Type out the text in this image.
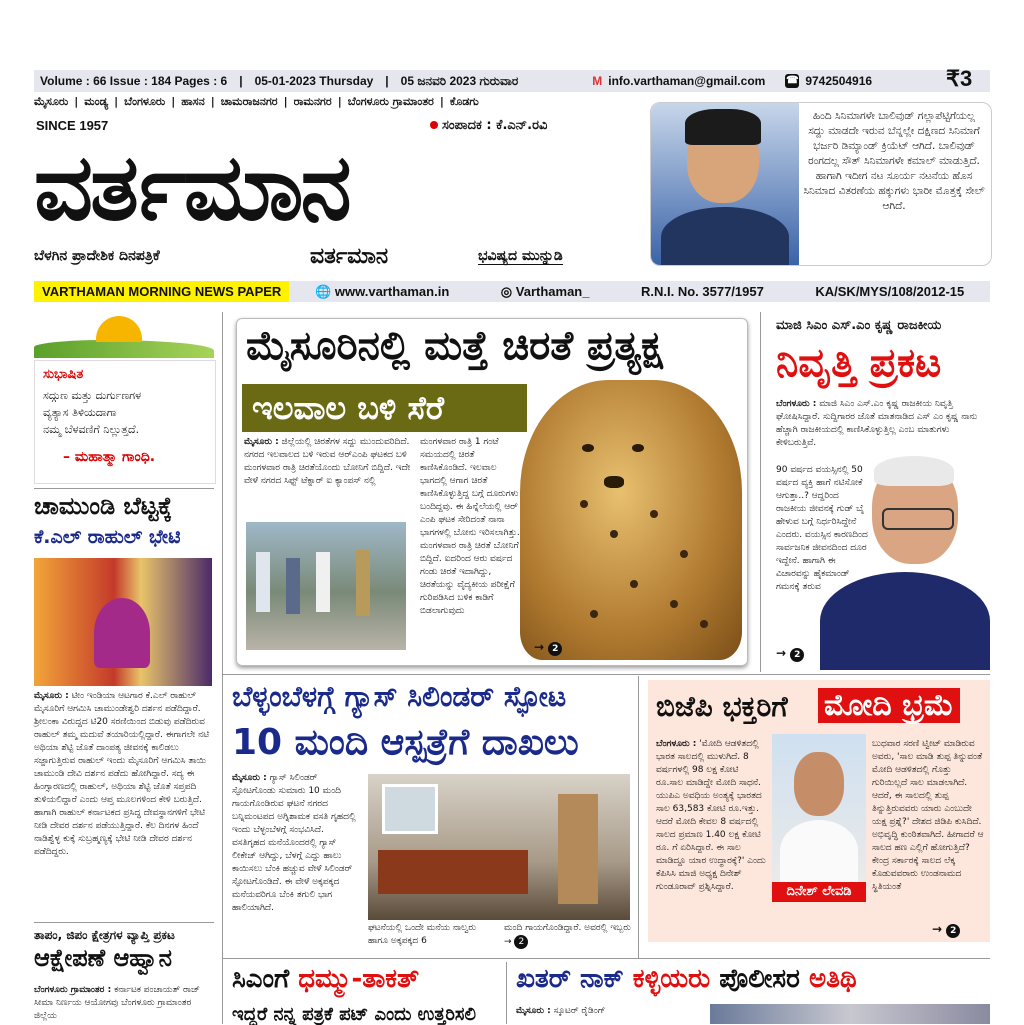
Volume : 66 Issue : 184 Pages : 6	|	05-01-2023 Thursday	|	05 ಜನವರಿ 2023 ಗುರುವಾರ	M info.varthaman@gmail.com	☎ 9742504916	₹3
ಮೈಸೂರು | ಮಂಡ್ಯ | ಬೆಂಗಳೂರು | ಹಾಸನ | ಚಾಮರಾಜನಗರ | ರಾಮನಗರ | ಬೆಂಗಳೂರು ಗ್ರಾಮಾಂತರ | ಕೊಡಗು
SINCE 1957	ಸಂಪಾದಕ : ಕೆ.ಎನ್.ರವಿ
ವರ್ತಮಾನ
ಬೆಳಗಿನ ಪ್ರಾದೇಶಿಕ ದಿನಪತ್ರಿಕೆ	ವರ್ತಮಾನ	ಭವಿಷ್ಯದ ಮುನ್ನುಡಿ
ಹಿಂದಿ ಸಿನಿಮಾಗಳೇ ಬಾಲಿವುಡ್ ಗಲ್ಲಾಪೆಟ್ಟಿಗೆಯಲ್ಲ ಸದ್ದು ಮಾಡದೇ ಇರುವ ಬೆನ್ನಲ್ಲೇ ದಕ್ಷಿಣದ ಸಿನಿಮಾಗೆ ಭರ್ಜರಿ ಡಿಮ್ಯಾಂಡ್ ಕ್ರಿಯೆಟ್ ಆಗಿದೆ. ಬಾಲಿವುಡ್ ರಂಗದಲ್ಲ ಸೌತ್ ಸಿನಿಮಾಗಳೇ ಕಮಾಲ್ ಮಾಡುತ್ತಿದೆ. ಹಾಗಾಗಿ ಇದೀಗ ನಟ ಸೂರ್ಯ ನಟನೆಯ ಹೊಸ ಸಿನಿಮಾದ ವಿತರಣೆಯ ಹಕ್ಕುಗಳು ಭಾರೀ ಮೊತ್ತಕ್ಕೆ ಸೇಲ್ ಆಗಿದೆ.
VARTHAMAN MORNING NEWS PAPER	🌐 www.varthaman.in	◎ Varthaman_	R.N.I. No. 3577/1957	KA/SK/MYS/108/2012-15
ಸುಭಾಷಿತ
ಸದ್ಗುಣ ಮತ್ತು ದುರ್ಗುಣಗಳ
ವ್ಯತ್ಯಾಸ ತಿಳಿಯದಾಗಾ
ನಮ್ಮ ಬೆಳವಣಿಗೆ ನಿಲ್ಲುತ್ತದೆ.
– ಮಹಾತ್ಮಾ ಗಾಂಧಿ.
ಚಾಮುಂಡಿ ಬೆಟ್ಟಕ್ಕೆ
ಕೆ.ಎಲ್ ರಾಹುಲ್ ಭೇಟಿ
ಮೈಸೂರು : ಟೀಂ ಇಂಡಿಯಾ ಆಟಗಾರ ಕೆ.ಎಲ್ ರಾಹುಲ್ ಮೈಸೂರಿಗೆ ಆಗಮಿಸಿ ಚಾಮುಂಡೇಶ್ವರಿ ದರ್ಶನ ಪಡೆದಿದ್ದಾರೆ. ಶ್ರೀಲಂಕಾ ವಿರುದ್ದದ ಟಿ20 ಸರಣಿಯಿಂದ ಬಿಡುವು ಪಡೆದಿರುವ ರಾಹುಲ್ ತಮ್ಮ ಮದುವೆ ತಯಾರಿಯಲ್ಲಿದ್ದಾರೆ. ಈಗಾಗಲೇ ನಟಿ ಅಥಿಯಾ ಶೆಟ್ಟಿ ಜೊತೆ ದಾಂಪತ್ಯ ಜೀವನಕ್ಕೆ ಕಾಲಿಡಲು ಸಜ್ಜಾಗುತ್ತಿರುವ ರಾಹುಲ್ ಇಂದು ಮೈಸೂರಿಗೆ ಆಗಮಿಸಿ ತಾಯಿ ಚಾಮುಂಡಿ ದೇವಿ ದರ್ಶನ ಪಡೆದು ಹೋಗಿದ್ದಾರೆ. ಸದ್ಯ ಈ ಹಿಂಗ್ಸಾರಣದಲ್ಲಿ ರಾಹುಲ್, ಅಥಿಯಾ ಶೆಟ್ಟಿ ಜೊತೆ ಸಪ್ತಪದಿ ತುಳಿಯಲಿದ್ದಾರೆ ಎಂದು ಆಪ್ತ ಮೂಲಗಳಿಂದ ಕೇಳಿ ಬರುತ್ತಿದೆ. ಹಾಗಾಗಿ ರಾಹುಲ್ ಕರ್ನಾಟಕದ ಪ್ರಸಿದ್ಧ ದೇವಸ್ಥಾನಗಳಿಗೆ ಭೇಟಿ ನೀಡಿ ದೇವರ ದರ್ಶನ ಪಡೆಯುತ್ತಿದ್ದಾರೆ. ಕೆಲ ದಿನಗಳ ಹಿಂದೆ ನಾಡಿಶ್ವೆಳ್ಳ ಕುಕ್ಕೆ ಸುಬ್ರಹ್ಮಣ್ಯಕ್ಕೆ ಭೇಟಿ ನೀಡಿ ದೇವರ ದರ್ಶನ ಪಡೆದಿದ್ದರು.
ತಾಪಂ, ಜಿಪಂ ಕ್ಷೇತ್ರಗಳ ವ್ಯಾಪ್ತಿ ಪ್ರಕಟ
ಆಕ್ಷೇಪಣೆ ಆಹ್ವಾನ
ಬೆಂಗಳೂರು ಗ್ರಾಮಾಂತರ : ಕರ್ನಾಟಕ ಪಂಚಾಯತ್ ರಾಜ್ ಸೀಮಾ ನಿರ್ಣಯ ಆಯೋಗವು ಬೆಂಗಳೂರು ಗ್ರಾಮಾಂತರ ಜಿಲ್ಲೆಯ
ಮೈಸೂರಿನಲ್ಲಿ ಮತ್ತೆ ಚಿರತೆ ಪ್ರತ್ಯಕ್ಷ
ಇಲವಾಲ ಬಳಿ ಸೆರೆ
ಮೈಸೂರು : ಜಿಲ್ಲೆಯಲ್ಲಿ ಚಿರತೆಗಳ ಸದ್ದು ಮುಂದುವರಿದಿದೆ. ನಗರದ ಇಲವಾಲದ ಬಳಿ ಇರುವ ಆರ್‌ಎಂಪಿ ಘಟಕದ ಬಳಿ ಮಂಗಳವಾರ ರಾತ್ರಿ ಚಿರತೆಯೊಂದು ಬೋನಿಗೆ ಬಿದ್ದಿದೆ. ಇದೇ ವೇಳೆ ನಗರದ ಸಿಫ್ಟ್ ಟೆಕ್ನಾರ್ ಐ ಕ್ಯಾಂಪಸ್ ನಲ್ಲಿ
ಮಂಗಳವಾರ ರಾತ್ರಿ 1 ಗಂಟೆ ಸಮಯದಲ್ಲಿ ಚಿರತೆ ಕಾಣಿಸಿಕೊಂಡಿದೆ. ಇಲವಾಲ ಭಾಗದಲ್ಲಿ ಆಗಾಗ ಚಿರತೆ ಕಾಣಿಸಿಕೊಳ್ಳುತ್ತಿದ್ದ ಬಗ್ಗೆ ದೂರುಗಳು ಬಂದಿದ್ದವು. ಈ ಹಿನ್ನೆಲೆಯಲ್ಲಿ ಆರ್ ಎಂಪಿ ಘಟಕ ಸೇರಿದಂತೆ ನಾನಾ ಭಾಗಗಳಲ್ಲಿ ಬೋನು ಇರಿಸಲಾಗಿತ್ತು. ಮಂಗಳವಾರ ರಾತ್ರಿ ಚಿರತೆ ಬೋನಿಗೆ ಬಿದ್ದಿದೆ. ಐದರಿಂದ ಆರು ವರ್ಷದ ಗಂಡು ಚಿರತೆ ಇದಾಗಿದ್ದು, ಚಿರತೆಯನ್ನು ವೈದ್ಯಕೀಯ ಪರೀಕ್ಷೆಗೆ ಗುರಿಪಡಿಸಿದ ಬಳಿಕ ಕಾಡಿಗೆ ಬಿಡಲಾಗುವುದು
→ 2
ಮಾಜಿ ಸಿಎಂ ಎಸ್.ಎಂ ಕೃಷ್ಣ ರಾಜಕೀಯ
ನಿವೃತ್ತಿ ಪ್ರಕಟ
ಬೆಂಗಳೂರು : ಮಾಜಿ ಸಿಎಂ ಎಸ್.ಎಂ ಕೃಷ್ಣ ರಾಜಕೀಯ ನಿವೃತ್ತಿ ಘೋಷಿಸಿದ್ದಾರೆ. ಸುದ್ದಿಗಾರರ ಜೊತೆ ಮಾತನಾಡಿದ ಎಸ್ ಎಂ ಕೃಷ್ಣ ನಾನು ಹೆಚ್ಚಾಗಿ ರಾಜಕೀಯದಲ್ಲಿ ಕಾಣಿಸಿಕೊಳ್ಳುತ್ತಿಲ್ಲ ಎಂಬ ಮಾತುಗಳು ಕೇಳಿಬರುತ್ತಿವೆ.
90 ವರ್ಷದ ವಯಸ್ಸಿನಲ್ಲಿ 50 ವರ್ಷದ ವ್ಯಕ್ತಿ ಹಾಗೆ ನಟಿಸೋಕೆ ಆಗುತ್ತಾ..? ಆದ್ದರಿಂದ ರಾಜಕೀಯ ಜೀವನಕ್ಕೆ ಗುಡ್ ಬೈ ಹೇಳುವ ಬಗ್ಗೆ ನಿರ್ಧರಿಸಿದ್ದೇನೆ ಎಂದರು. ವಯಸ್ಸಿನ ಕಾರಣದಿಂದ ಸಾರ್ವಜನಿಕ ಜೀವನದಿಂದ ದೂರ ಇದ್ದೇನೆ. ಹಾಗಾಗಿ ಈ ವಿಚಾರವನ್ನು ಹೈಕಮಾಂಡ್ ಗಮನಕ್ಕೆ ತರುವ
→ 2
ಬೆಳ್ಳಂಬೆಳಗ್ಗೆ ಗ್ಯಾಸ್ ಸಿಲಿಂಡರ್ ಸ್ಫೋಟ
10 ಮಂದಿ ಆಸ್ಪತ್ರೆಗೆ ದಾಖಲು
ಮೈಸೂರು : ಗ್ಯಾಸ್ ಸಿಲಿಂಡರ್ ಸ್ಫೋಟಗೊಂಡು ಸುಮಾರು 10 ಮಂದಿ ಗಾಯಗೊಂಡಿರುವ ಘಟನೆ ನಗರದ ಬನ್ನಿಮಂಟಪದ ಅಗ್ನಿಶಾಮಕ ವಸತಿ ಗೃಹದಲ್ಲಿ ಇಂದು ಬೆಳ್ಳಂಬೆಳಗ್ಗೆ ಸಂಭವಿಸಿದೆ. ವಸತಿಗೃಹದ ಮನೆಯೊಂದರಲ್ಲಿ ಗ್ಯಾಸ್ ಲೀಕೇಜ್ ಆಗಿದ್ದು, ಬೆಳಗ್ಗೆ ಎದ್ದು ಹಾಲು ಕಾಯಿಸಲು ಬೆಂಕಿ ಹಚ್ಚುವ ವೇಳೆ ಸಿಲಿಂಡರ್ ಸ್ಫೋಟಗೊಂಡಿದೆ. ಈ ವೇಳೆ ಅಕ್ಕಪಕ್ಕದ ಮನೆಯವರಿಗೂ ಬೆಂಕಿ ತಗುಲಿ ಭಾಗ ಹಾಲಿಯಾಗಿದೆ.
ಘಟನೆಯಲ್ಲಿ ಒಂದೇ ಮನೆಯ ನಾಲ್ವರು ಹಾಗೂ ಅಕ್ಕಪಕ್ಕದ 6
ಮಂದಿ ಗಾಯಗೊಂಡಿದ್ದಾರೆ. ಅವರಲ್ಲಿ ಇಬ್ಬರು → 2
ಬಿಜೆಪಿ ಭಕ್ತರಿಗೆ ಮೋದಿ ಭ್ರಮೆ
ಬೆಂಗಳೂರು : 'ಮೋದಿ ಆಡಳಿತದಲ್ಲಿ ಭಾರತ ಸಾಲದಲ್ಲಿ ಮುಳುಗಿದೆ. 8 ವರ್ಷಗಳಲ್ಲಿ 98 ಲಕ್ಷ ಕೋಟಿ ರೂ.ಸಾಲ ಮಾಡಿದ್ದೇ ಮೋದಿ ಸಾಧನೆ. ಯುಪಿಎ ಅವಧಿಯ ಅಂತ್ಯಕ್ಕೆ ಭಾರತದ ಸಾಲ 63,583 ಕೋಟಿ ರೂ.ಇತ್ತು. ಆದರೆ ಮೋದಿ ಕೇವಲ 8 ವರ್ಷದಲ್ಲಿ ಸಾಲದ ಪ್ರಮಾಣ 1.40 ಲಕ್ಷ ಕೋಟಿ ರೂ. ಗೆ ಏರಿಸಿದ್ದಾರೆ. ಈ ಸಾಲ ಮಾಡಿದ್ದೂ ಯಾರ ಉದ್ಧಾರಕ್ಕೆ?' ಎಂದು ಕೆಪಿಸಿಸಿ ಮಾಜಿ ಅಧ್ಯಕ್ಷ ದಿನೇಶ್ ಗುಂಡೂರಾವ್ ಪ್ರಶ್ನಿಸಿದ್ದಾರೆ.	ದಿನೇಶ್ ಲೇವಡಿ
ಬುಧವಾರ ಸರಣಿ ಟ್ವೀಟ್ ಮಾಡಿರುವ ಅವರು, 'ಸಾಲ ಮಾಡಿ ತುಪ್ಪ ತಿನ್ನುವಂತೆ ಮೋದಿ ಆಡಳಿತದಲ್ಲಿ ಗೊತ್ತು ಗುರಿಯಿಲ್ಲದೆ ಸಾಲ ಮಾಡಲಾಗಿದೆ. ಆದರೆ, ಈ ಸಾಲದಲ್ಲಿ ತುಪ್ಪ ತಿನ್ನುತ್ತಿರುವವರು ಯಾರು ಎಂಬುದೇ ಯಕ್ಷ ಪ್ರಶ್ನೆ?' ದೇಶದ ಜಿಡಿಪಿ ಕುಸಿದಿದೆ. ಅಭಿವೃದ್ಧಿ ಕುಂಠಿತವಾಗಿದೆ. ಹೀಗಾದರೆ ಆ ಸಾಲದ ಹಣ ಎಲ್ಲಿಗೆ ಹೋಗುತ್ತಿದೆ? ಕೇಂದ್ರ ಸರ್ಕಾರಕ್ಕೆ ಸಾಲದ ಲೆಕ್ಕ ಕೊಡುವವರಾರು ಉಂಡನಾಮದ ಸ್ಥಿತಿಯಂತೆ
→ 2
ಸಿಎಂಗೆ ಧಮ್ಮು-ತಾಕತ್
ಇದ್ದರೆ ನನ್ನ ಪತ್ರಕೆ ಪಟ್ ಎಂದು ಉತ್ತರಿಸಲಿ
ಖತರ್ ನಾಕ್ ಕಳ್ಳಿಯರು ಪೊಲೀಸರ ಅತಿಥಿ
ಮೈಸೂರು : ಸ್ಕೂಟರ್ ರೈಡಿಂಗ್
